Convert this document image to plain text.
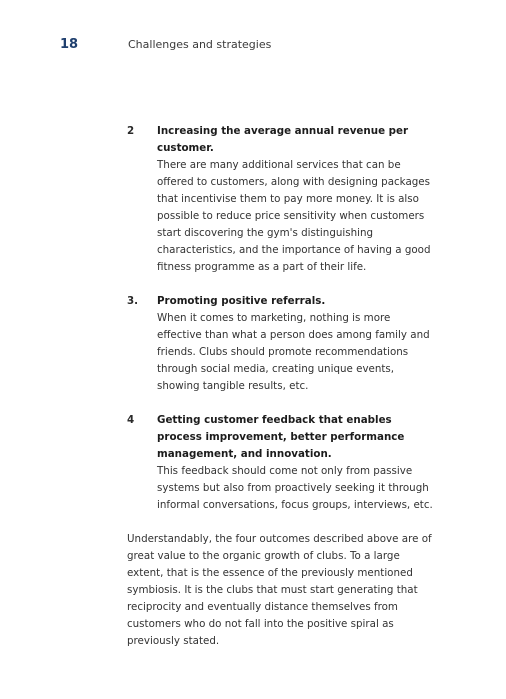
18	Challenges and strategies
2	Increasing the average annual revenue per customer.
There are many additional services that can be offered to customers, along with designing packages that incentivise them to pay more money. It is also possible to reduce price sensitivity when customers start discovering the gym's distinguishing characteristics, and the importance of having a good fitness programme as a part of their life.
3.	Promoting positive referrals.
When it comes to marketing, nothing is more effective than what a person does among family and friends. Clubs should promote recommendations through social media, creating unique events, showing tangible results, etc.
4	Getting customer feedback that enables process improvement, better performance management, and innovation.
This feedback should come not only from passive systems but also from proactively seeking it through informal conversations, focus groups, interviews, etc.
Understandably, the four outcomes described above are of great value to the organic growth of clubs. To a large extent, that is the essence of the previously mentioned symbiosis. It is the clubs that must start generating that reciprocity and eventually distance themselves from customers who do not fall into the positive spiral as previously stated.
